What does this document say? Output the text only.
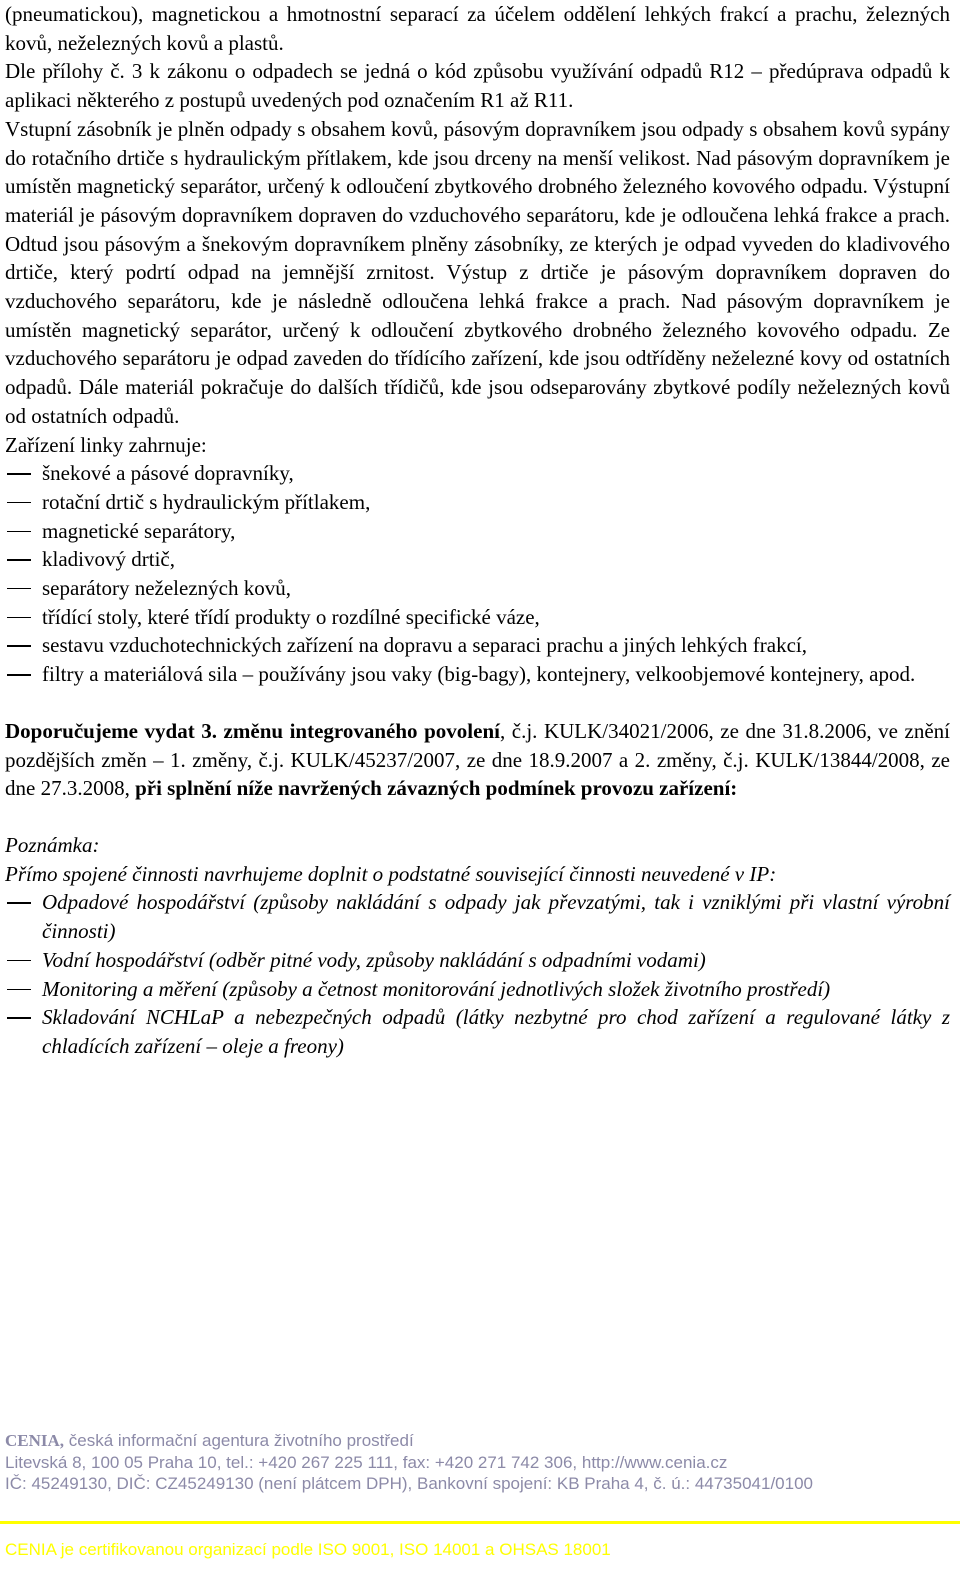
(pneumatickou), magnetickou a hmotnostní separací za účelem oddělení lehkých frakcí a prachu, železných kovů, neželezných kovů a plastů.

Dle přílohy č. 3 k zákonu o odpadech se jedná o kód způsobu využívání odpadů R12 – předúprava odpadů k aplikaci některého z postupů uvedených pod označením R1 až R11.

Vstupní zásobník je plněn odpady s obsahem kovů, pásovým dopravníkem jsou odpady s obsahem kovů sypány do rotačního drtiče s hydraulickým přítlakem, kde jsou drceny na menší velikost. Nad pásovým dopravníkem je umístěn magnetický separátor, určený k odloučení zbytkového drobného železného kovového odpadu. Výstupní materiál je pásovým dopravníkem dopraven do vzduchového separátoru, kde je odloučena lehká frakce a prach. Odtud jsou pásovým a šnekovým dopravníkem plněny zásobníky, ze kterých je odpad vyveden do kladivového drtiče, který podrtí odpad na jemnější zrnitost. Výstup z drtiče je pásovým dopravníkem dopraven do vzduchového separátoru, kde je následně odloučena lehká frakce a prach. Nad pásovým dopravníkem je umístěn magnetický separátor, určený k odloučení zbytkového drobného železného kovového odpadu. Ze vzduchového separátoru je odpad zaveden do třídícího zařízení, kde jsou odtříděny neželezné kovy od ostatních odpadů. Dále materiál pokračuje do dalších třídičů, kde jsou odseparovány zbytkové podíly neželezných kovů od ostatních odpadů.

Zařízení linky zahrnuje:

šnekové a pásové dopravníky,
rotační drtič s hydraulickým přítlakem,
magnetické separátory,
kladivový drtič,
separátory neželezných kovů,
třídící stoly, které třídí produkty o rozdílné specifické váze,
sestavu vzduchotechnických zařízení na dopravu a separaci prachu a jiných lehkých frakcí,
filtry a materiálová sila – používány jsou vaky (big-bagy), kontejnery, velkoobjemové kontejnery, apod.

Doporučujeme vydat 3. změnu integrovaného povolení, č.j. KULK/34021/2006, ze dne 31.8.2006, ve znění pozdějších změn – 1. změny, č.j. KULK/45237/2007, ze dne 18.9.2007 a 2. změny, č.j. KULK/13844/2008, ze dne 27.3.2008, při splnění níže navržených závazných podmínek provozu zařízení:

Poznámka:

Přímo spojené činnosti navrhujeme doplnit o podstatné související činnosti neuvedené v IP:

Odpadové hospodářství (způsoby nakládání s odpady jak převzatými, tak i vzniklými při vlastní výrobní činnosti)
Vodní hospodářství (odběr pitné vody, způsoby nakládání s odpadními vodami)
Monitoring a měření (způsoby a četnost monitorování jednotlivých složek životního prostředí)
Skladování NCHLaP a nebezpečných odpadů (látky nezbytné pro chod zařízení a regulované látky z chladících zařízení – oleje a freony)
CENIA, česká informační agentura životního prostředí
Litevská 8, 100 05 Praha 10, tel.: +420 267 225 111, fax: +420 271 742 306, http://www.cenia.cz
IČ: 45249130, DIČ: CZ45249130 (není plátcem DPH), Bankovní spojení: KB Praha 4, č. ú.: 44735041/0100
CENIA je certifikovanou organizací podle ISO 9001, ISO 14001 a OHSAS 18001
